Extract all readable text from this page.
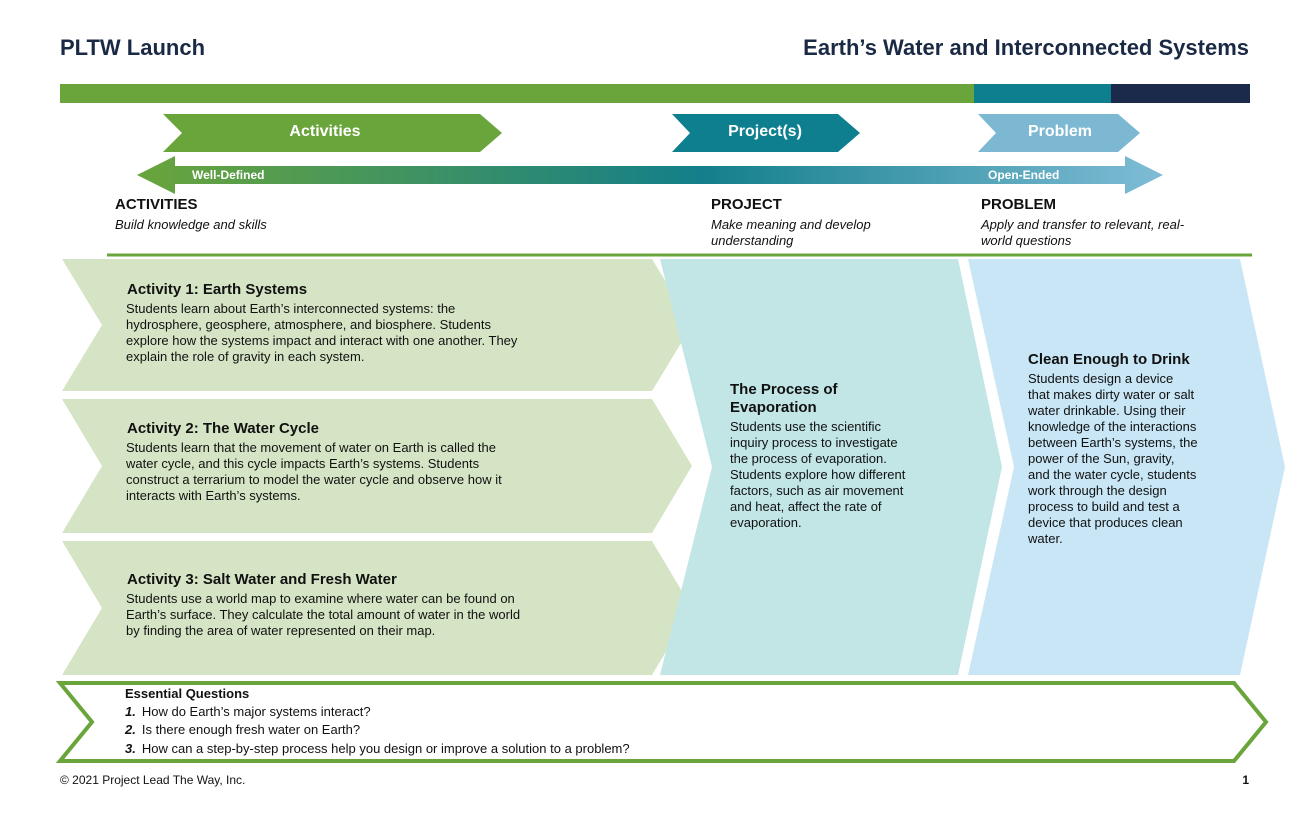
PLTW Launch	Earth’s Water and Interconnected Systems
Activities	Project(s)	Problem
Well-Defined	Open-Ended
ACTIVITIES
Build knowledge and skills
PROJECT
Make meaning and develop
understanding
PROBLEM
Apply and transfer to relevant, real-
world questions
Activity 1: Earth Systems
Students learn about Earth’s interconnected systems: the
hydrosphere, geosphere, atmosphere, and biosphere. Students
explore how the systems impact and interact with one another. They
explain the role of gravity in each system.
Activity 2: The Water Cycle
Students learn that the movement of water on Earth is called the
water cycle, and this cycle impacts Earth’s systems. Students
construct a terrarium to model the water cycle and observe how it
interacts with Earth’s systems.
Activity 3: Salt Water and Fresh Water
Students use a world map to examine where water can be found on
Earth’s surface. They calculate the total amount of water in the world
by finding the area of water represented on their map.
The Process of
Evaporation
Students use the scientific
inquiry process to investigate
the process of evaporation.
Students explore how different
factors, such as air movement
and heat, affect the rate of
evaporation.
Clean Enough to Drink
Students design a device
that makes dirty water or salt
water drinkable. Using their
knowledge of the interactions
between Earth’s systems, the
power of the Sun, gravity,
and the water cycle, students
work through the design
process to build and test a
device that produces clean
water.
Essential Questions
1. How do Earth’s major systems interact?
2. Is there enough fresh water on Earth?
3. How can a step-by-step process help you design or improve a solution to a problem?
© 2021 Project Lead The Way, Inc.	1
